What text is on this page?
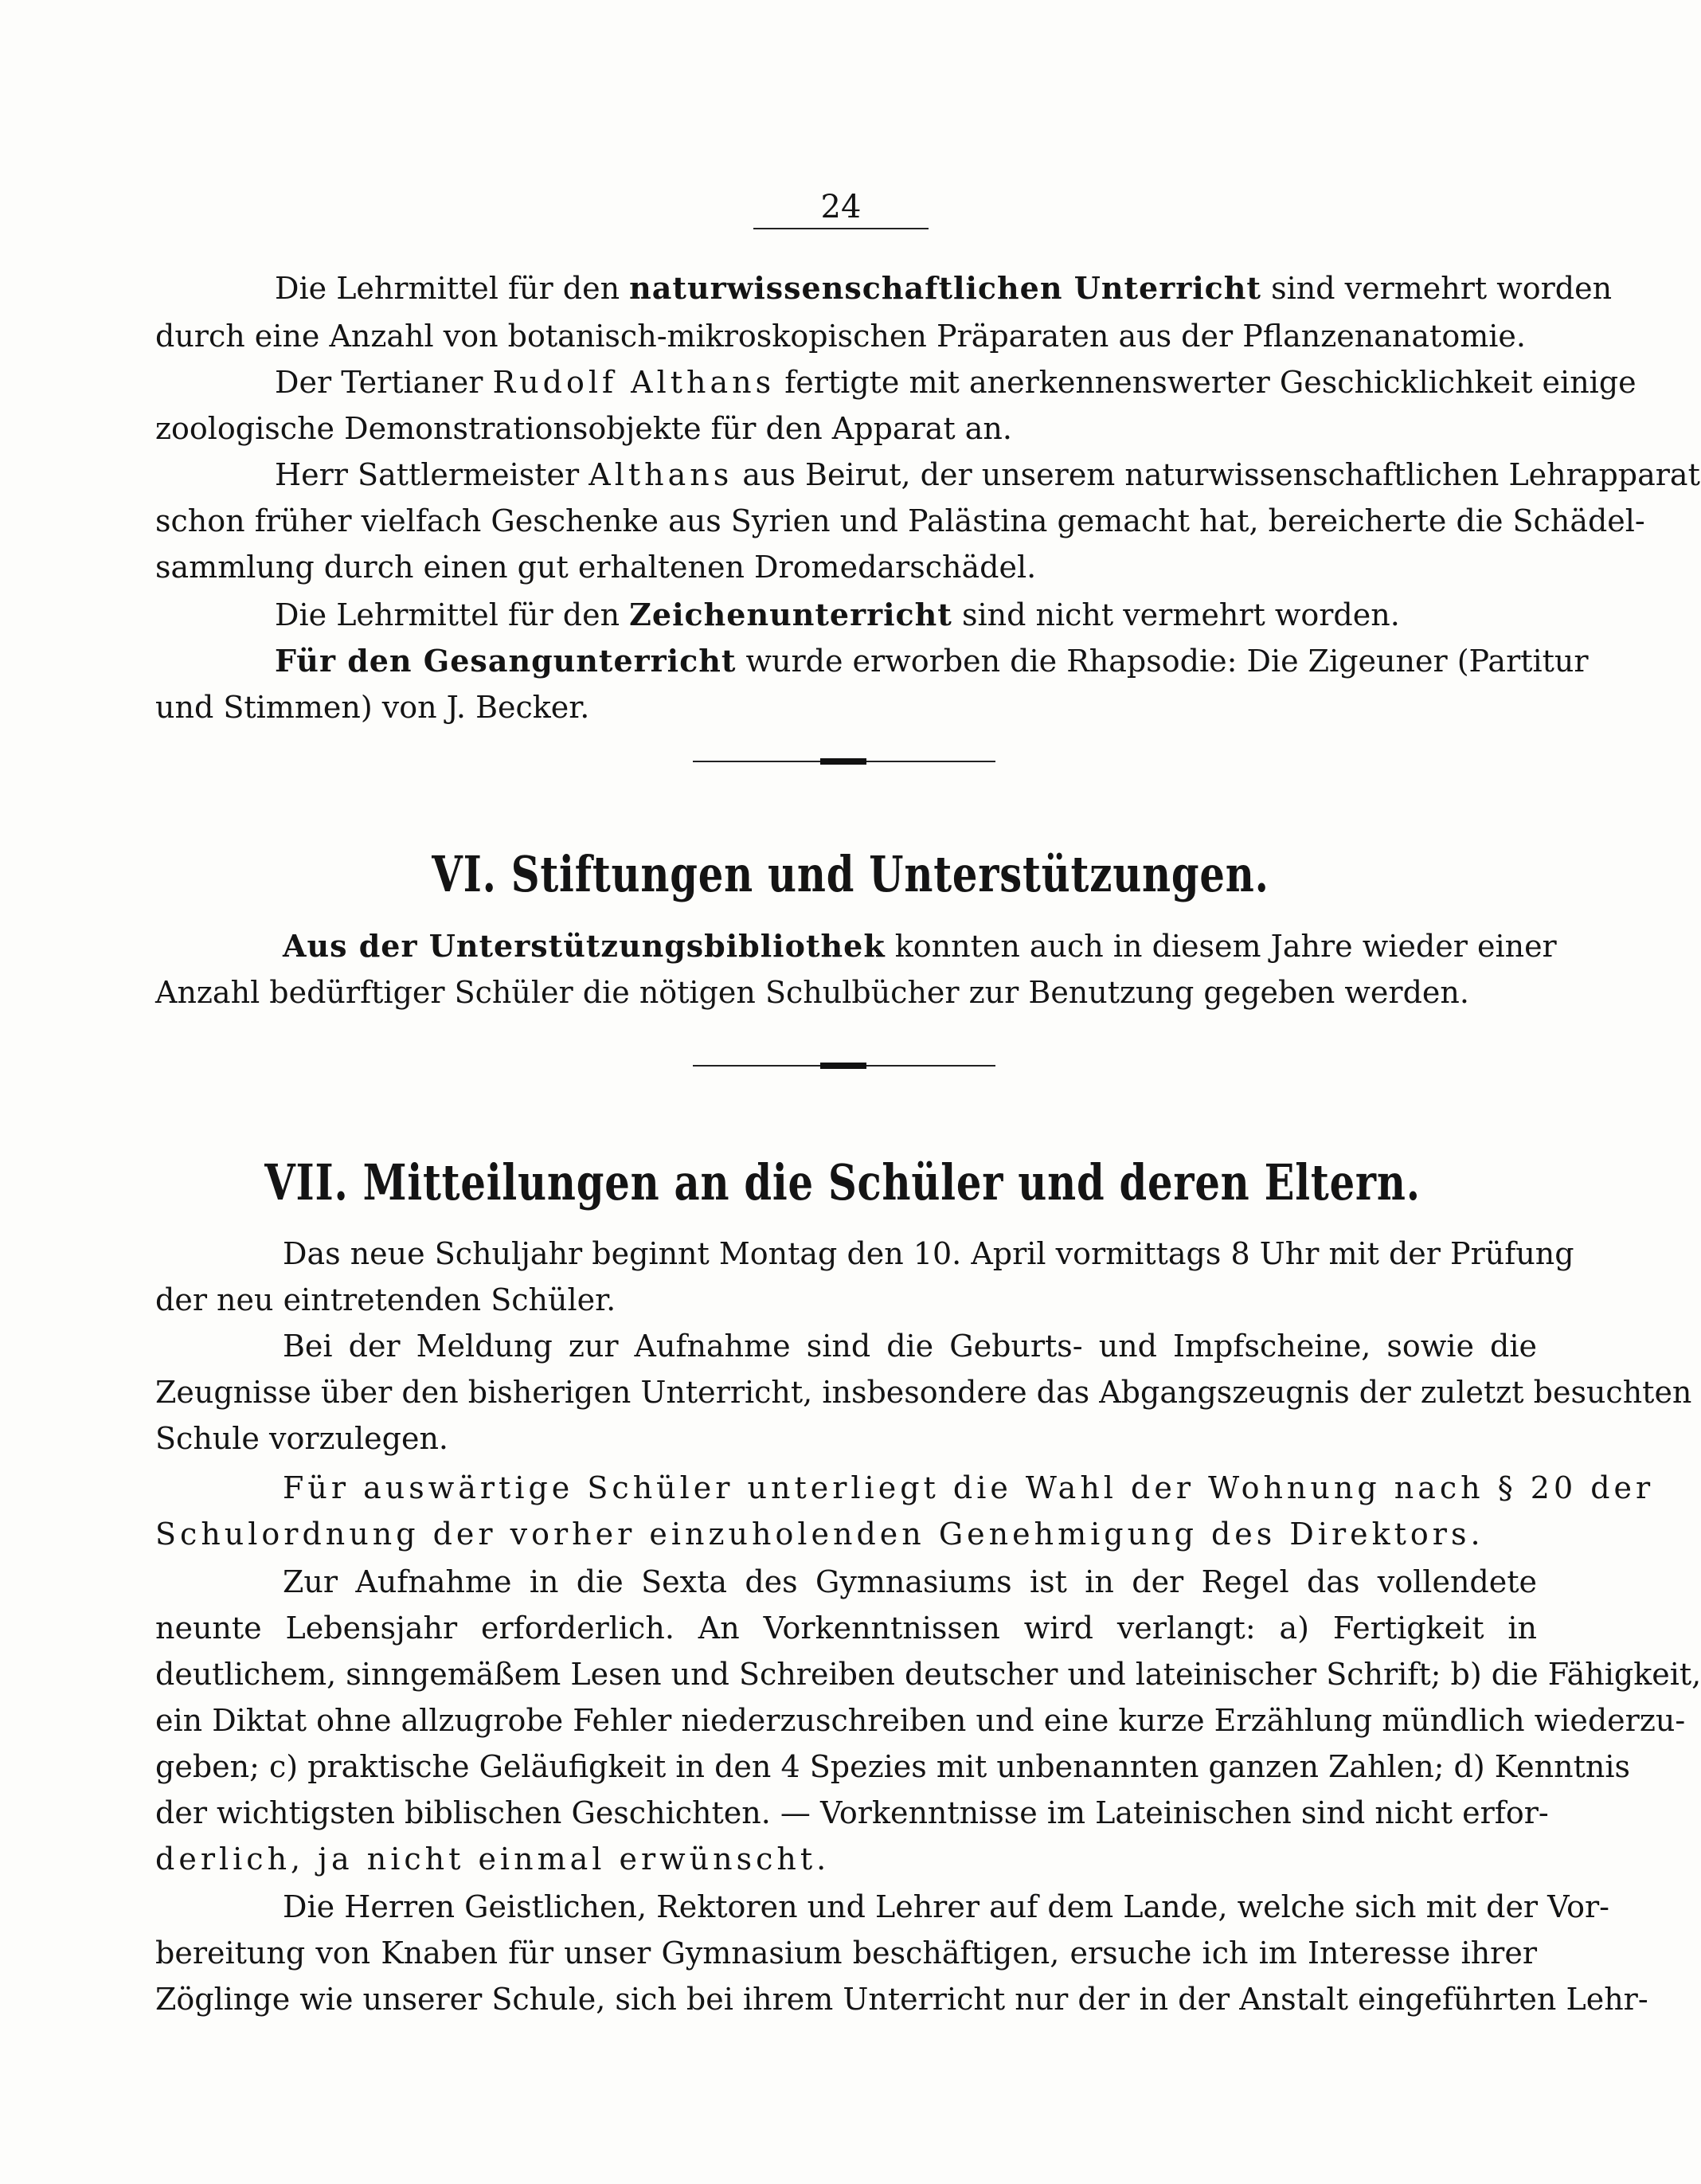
24
Die Lehrmittel für den naturwissenschaftlichen Unterricht sind vermehrt worden
durch eine Anzahl von botanisch-mikroskopischen Präparaten aus der Pflanzenanatomie.
Der Tertianer Rudolf Althans fertigte mit anerkennenswerter Geschicklichkeit einige
zoologische Demonstrationsobjekte für den Apparat an.
Herr Sattlermeister Althans aus Beirut, der unserem naturwissenschaftlichen Lehrapparat
schon früher vielfach Geschenke aus Syrien und Palästina gemacht hat, bereicherte die Schädel-
sammlung durch einen gut erhaltenen Dromedarschädel.
Die Lehrmittel für den Zeichenunterricht sind nicht vermehrt worden.
Für den Gesangunterricht wurde erworben die Rhapsodie: Die Zigeuner (Partitur
und Stimmen) von J. Becker.
VI. Stiftungen und Unterstützungen.
Aus der Unterstützungsbibliothek konnten auch in diesem Jahre wieder einer
Anzahl bedürftiger Schüler die nötigen Schulbücher zur Benutzung gegeben werden.
VII. Mitteilungen an die Schüler und deren Eltern.
Das neue Schuljahr beginnt Montag den 10. April vormittags 8 Uhr mit der Prüfung
der neu eintretenden Schüler.
Bei der Meldung zur Aufnahme sind die Geburts- und Impfscheine, sowie die
Zeugnisse über den bisherigen Unterricht, insbesondere das Abgangszeugnis der zuletzt besuchten
Schule vorzulegen.
Für auswärtige Schüler unterliegt die Wahl der Wohnung nach § 20 der
Schulordnung der vorher einzuholenden Genehmigung des Direktors.
Zur Aufnahme in die Sexta des Gymnasiums ist in der Regel das vollendete
neunte Lebensjahr erforderlich. An Vorkenntnissen wird verlangt: a) Fertigkeit in
deutlichem, sinngemäßem Lesen und Schreiben deutscher und lateinischer Schrift; b) die Fähigkeit,
ein Diktat ohne allzugrobe Fehler niederzuschreiben und eine kurze Erzählung mündlich wiederzu-
geben; c) praktische Geläufigkeit in den 4 Spezies mit unbenannten ganzen Zahlen; d) Kenntnis
der wichtigsten biblischen Geschichten. — Vorkenntnisse im Lateinischen sind nicht erfor-
derlich, ja nicht einmal erwünscht.
Die Herren Geistlichen, Rektoren und Lehrer auf dem Lande, welche sich mit der Vor-
bereitung von Knaben für unser Gymnasium beschäftigen, ersuche ich im Interesse ihrer
Zöglinge wie unserer Schule, sich bei ihrem Unterricht nur der in der Anstalt eingeführten Lehr-
